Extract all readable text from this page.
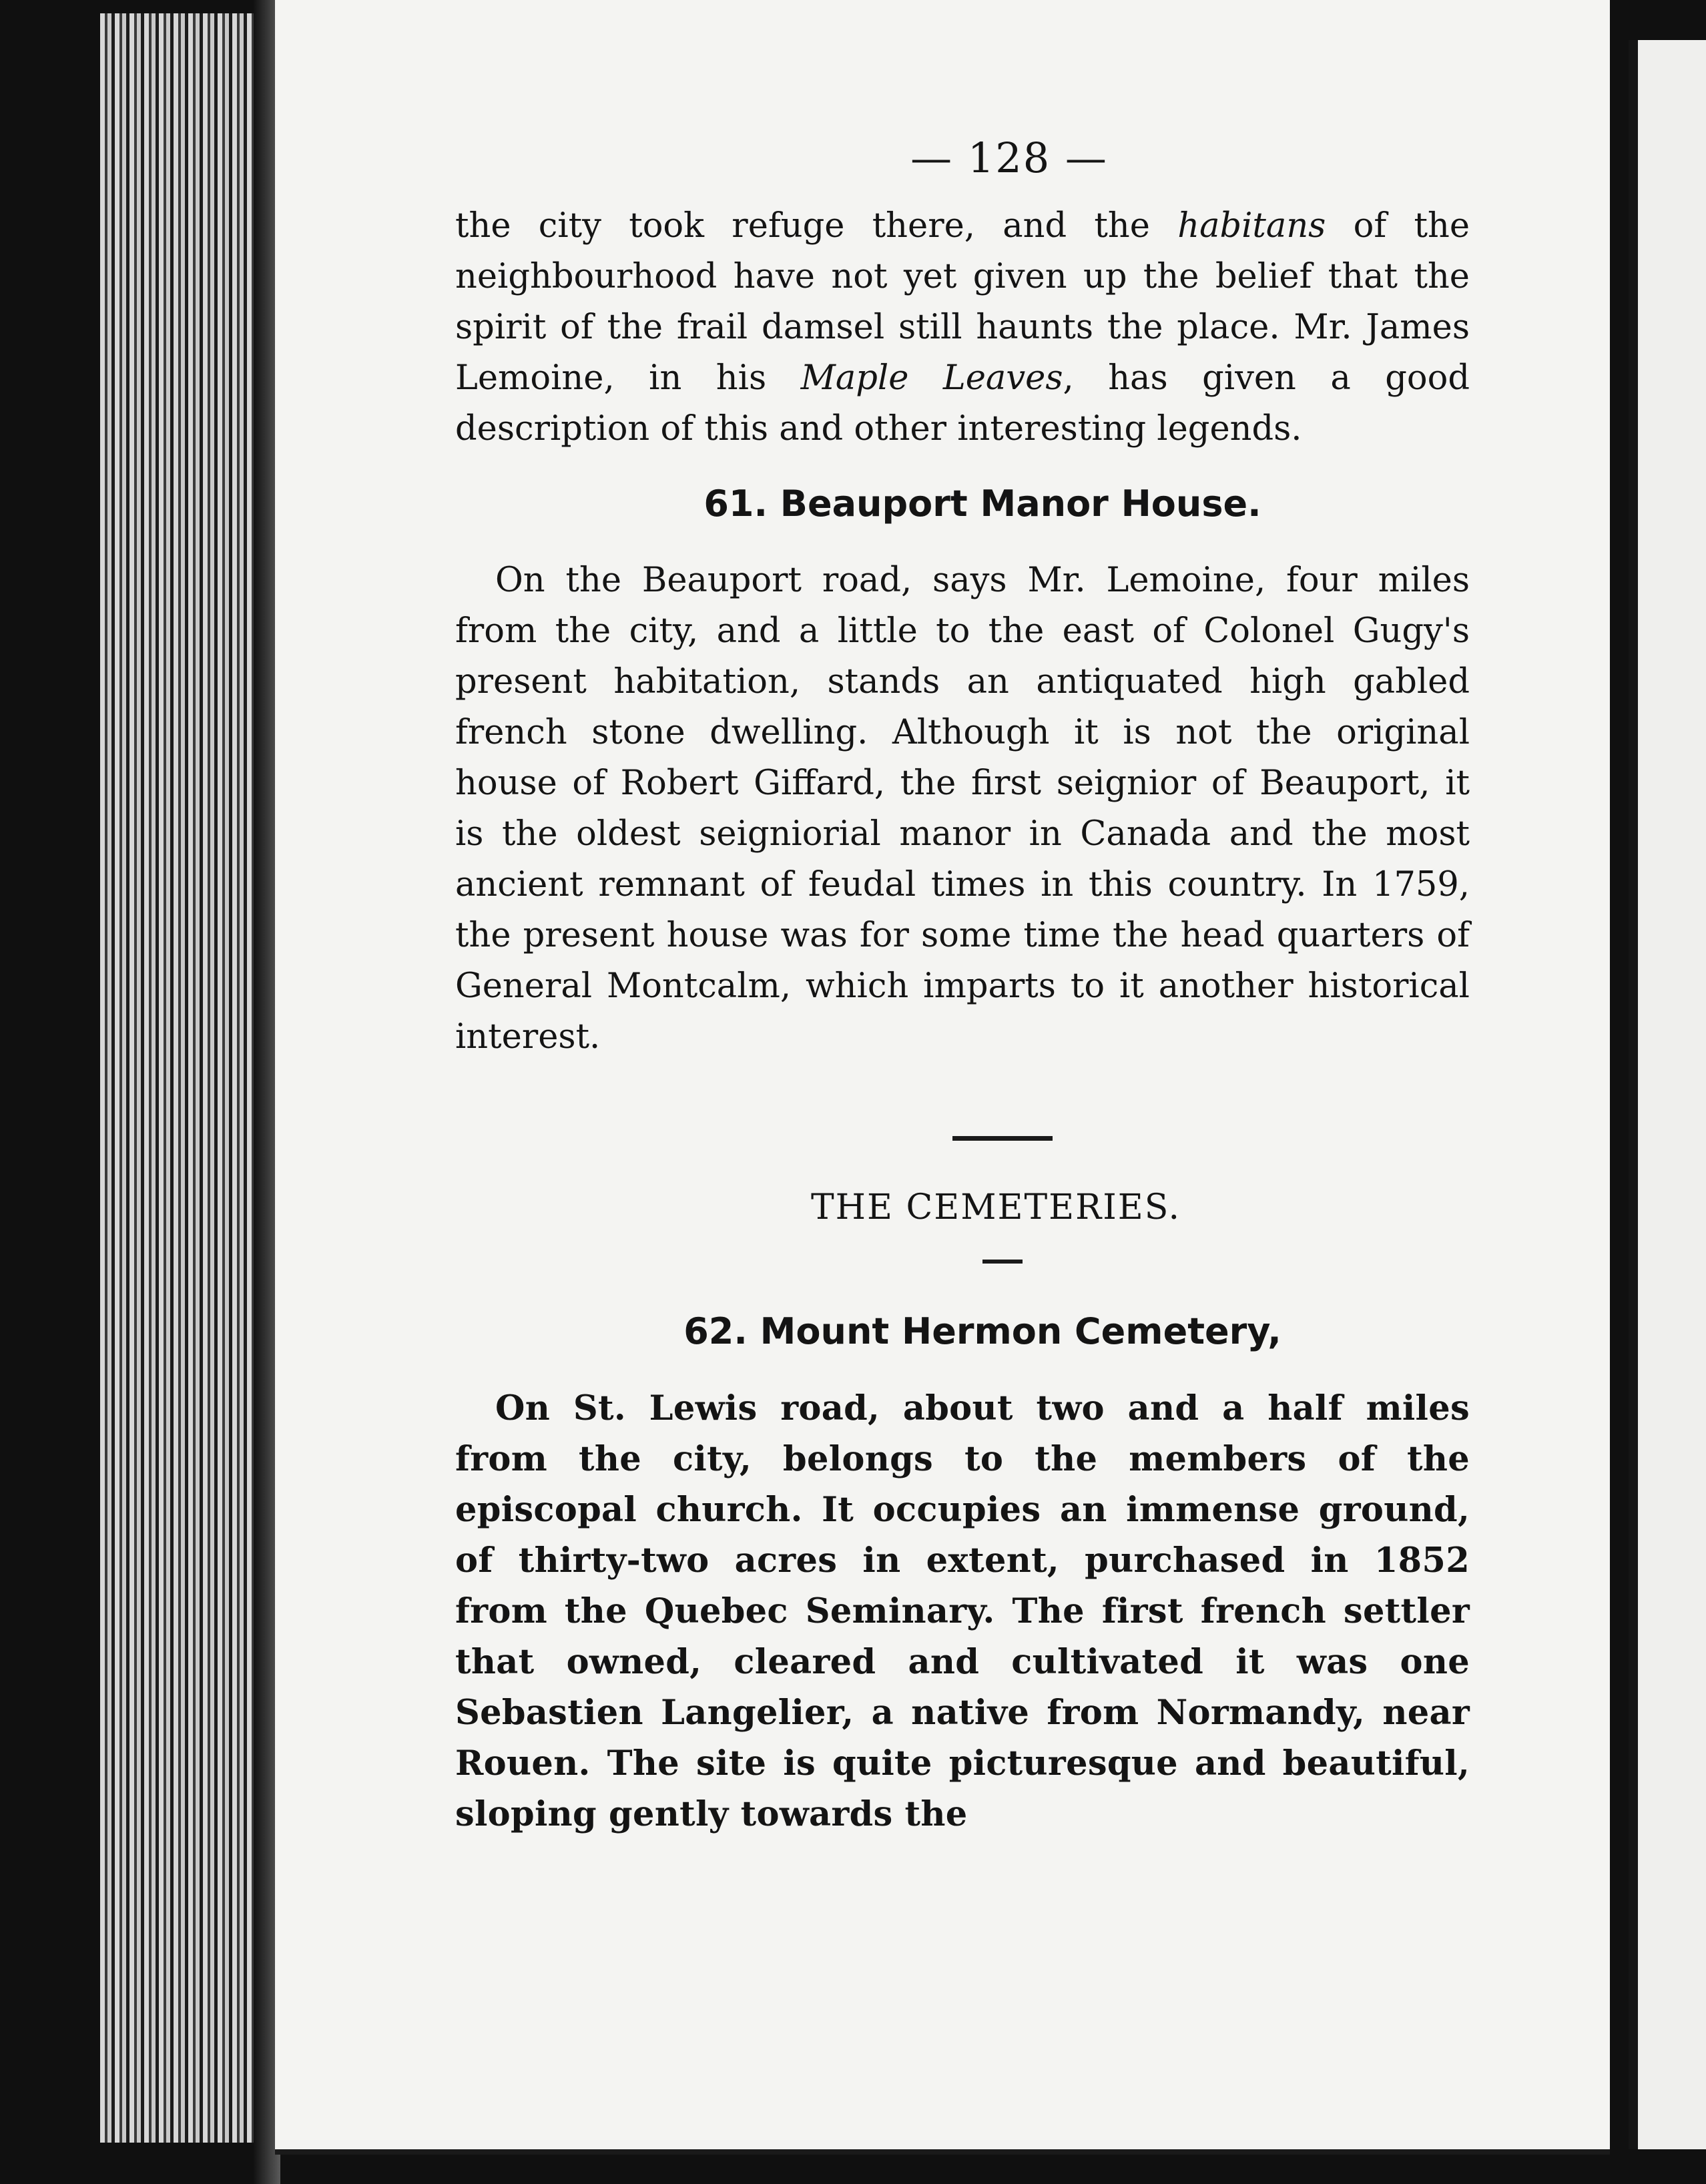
— 128 —

the city took refuge there, and the habitans of the neighbourhood have not yet given up the belief that the spirit of the frail damsel still haunts the place. Mr. James Lemoine, in his Maple Leaves, has given a good description of this and other interesting legends.

61. Beauport Manor House.

On the Beauport road, says Mr. Lemoine, four miles from the city, and a little to the east of Colonel Gugy's present habitation, stands an antiquated high gabled french stone dwelling. Although it is not the original house of Robert Giffard, the first seignior of Beauport, it is the oldest seigniorial manor in Canada and the most ancient remnant of feudal times in this country. In 1759, the present house was for some time the head quarters of General Montcalm, which imparts to it another historical interest.

THE CEMETERIES.
62. Mount Hermon Cemetery,

On St. Lewis road, about two and a half miles from the city, belongs to the members of the episcopal church. It occupies an immense ground, of thirty-two acres in extent, purchased in 1852 from the Quebec Seminary. The first french settler that owned, cleared and cultivated it was one Sebastien Langelier, a native from Normandy, near Rouen. The site is quite picturesque and beautiful, sloping gently towards the
